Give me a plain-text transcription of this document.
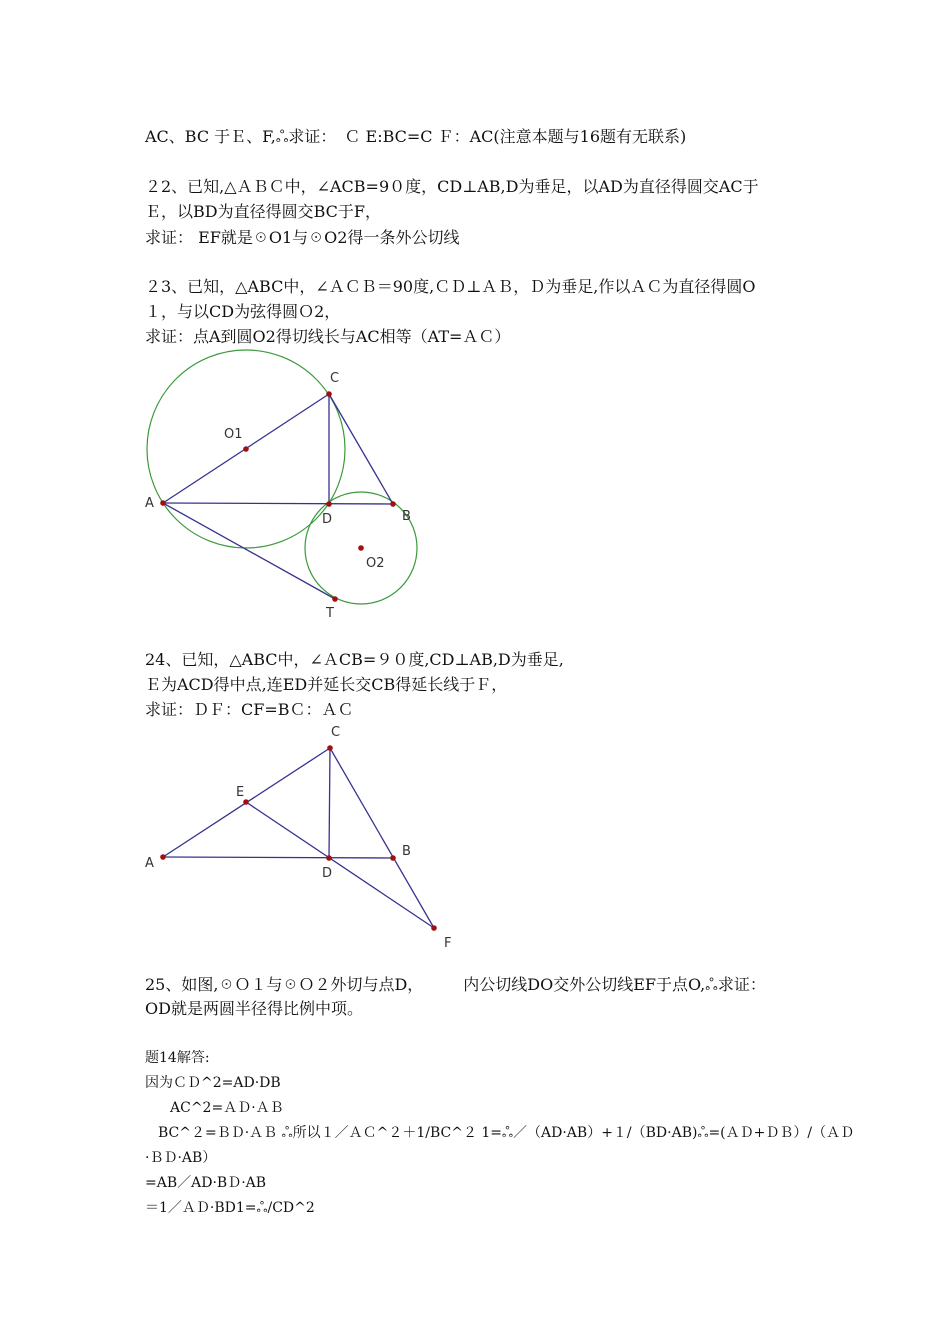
AC、BC 于Ｅ、F,ஃ求证：　Ｃ E:BC=C Ｆ：AC(注意本题与16题有无联系)
２2、已知,△ＡＢＣ中，∠ACB=9０度，CD⊥AB,D为垂足，以AD为直径得圆交AC于
Ｅ，以BD为直径得圆交BC于F，
求证： EF就是☉O1与☉O2得一条外公切线
２3、已知，△ABC中，∠ＡＣＢ＝90度,ＣＤ⊥ＡＢ，Ｄ为垂足,作以ＡＣ为直径得圆O
１，与以CD为弦得圆Ｏ2，
求证：点A到圆O2得切线长与AC相等（AT=ＡＣ）
C
O1
A
D	B
O2
T
24、已知，△ABC中，∠ＡCB=９０度,CD⊥AB,D为垂足,
Ｅ为ACD得中点,连ED并延长交CB得延长线于Ｆ，
求证：ＤＦ：CF=BＣ：ＡＣ
C
E
A
D
B
F
25、如图,☉Ｏ１与☉Ｏ２外切与点D，　　　内公切线DO交外公切线EF于点O,ஃ求证：
OD就是两圆半径得比例中项。
题14解答:
因为ＣＤ^2=AD·DB
AC^2=ＡＤ·ＡＢ
BC^２=ＢＤ·ＡＢ ஃ所以１／ＡＣ^２＋1/BC^２ 1=ஃ／（AD·AB）+１/（BD·AB)ஃ=(ＡＤ+ＤＢ）/（ＡＤ
·ＢＤ·AB）
=AB／AD·BＤ·AB
＝1／ＡＤ·BD1=ஃ/CD^2
